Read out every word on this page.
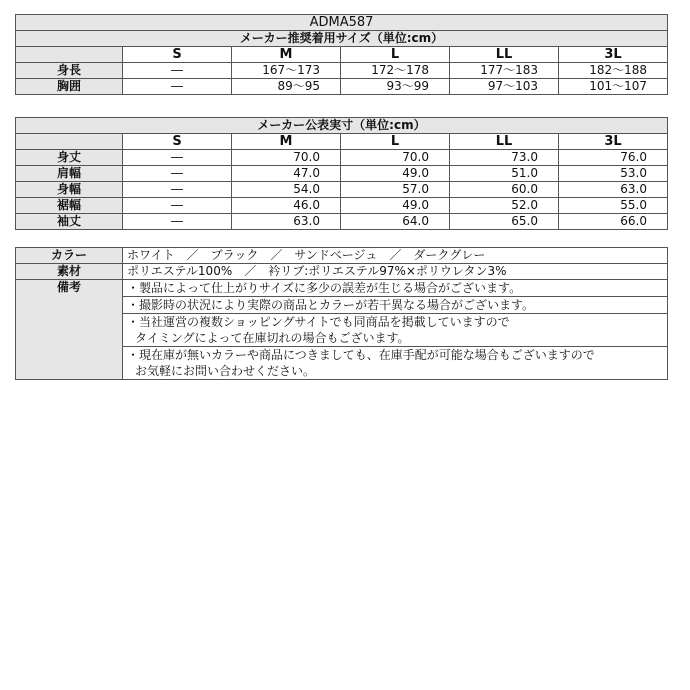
ADMA587					
メーカー推奨着用サイズ（単位:cm）					
	S	M	L	LL	3L
身長	―	167〜173	172〜178	177〜183	182〜188
胸囲	―	89〜95	93〜99	97〜103	101〜107
メーカー公表実寸（単位:cm）					
	S	M	L	LL	3L
身丈	―	70.0	70.0	73.0	76.0
肩幅	―	47.0	49.0	51.0	53.0
身幅	―	54.0	57.0	60.0	63.0
裾幅	―	46.0	49.0	52.0	55.0
袖丈	―	63.0	64.0	65.0	66.0
カラー	ホワイト　／　ブラック　／　サンドベージュ　／　ダークグレー
素材	ポリエステル100%　／　衿リブ:ポリエステル97%×ポリウレタン3%
備考	・製品によって仕上がりサイズに多少の誤差が生じる場合がございます。

	・撮影時の状況により実際の商品とカラーが若干異なる場合がございます。

	・当社運営の複数ショッピングサイトでも同商品を掲載していますので
タイミングによって在庫切れの場合もございます。

	・現在庫が無いカラーや商品につきましても、在庫手配が可能な場合もございますので
お気軽にお問い合わせください。
